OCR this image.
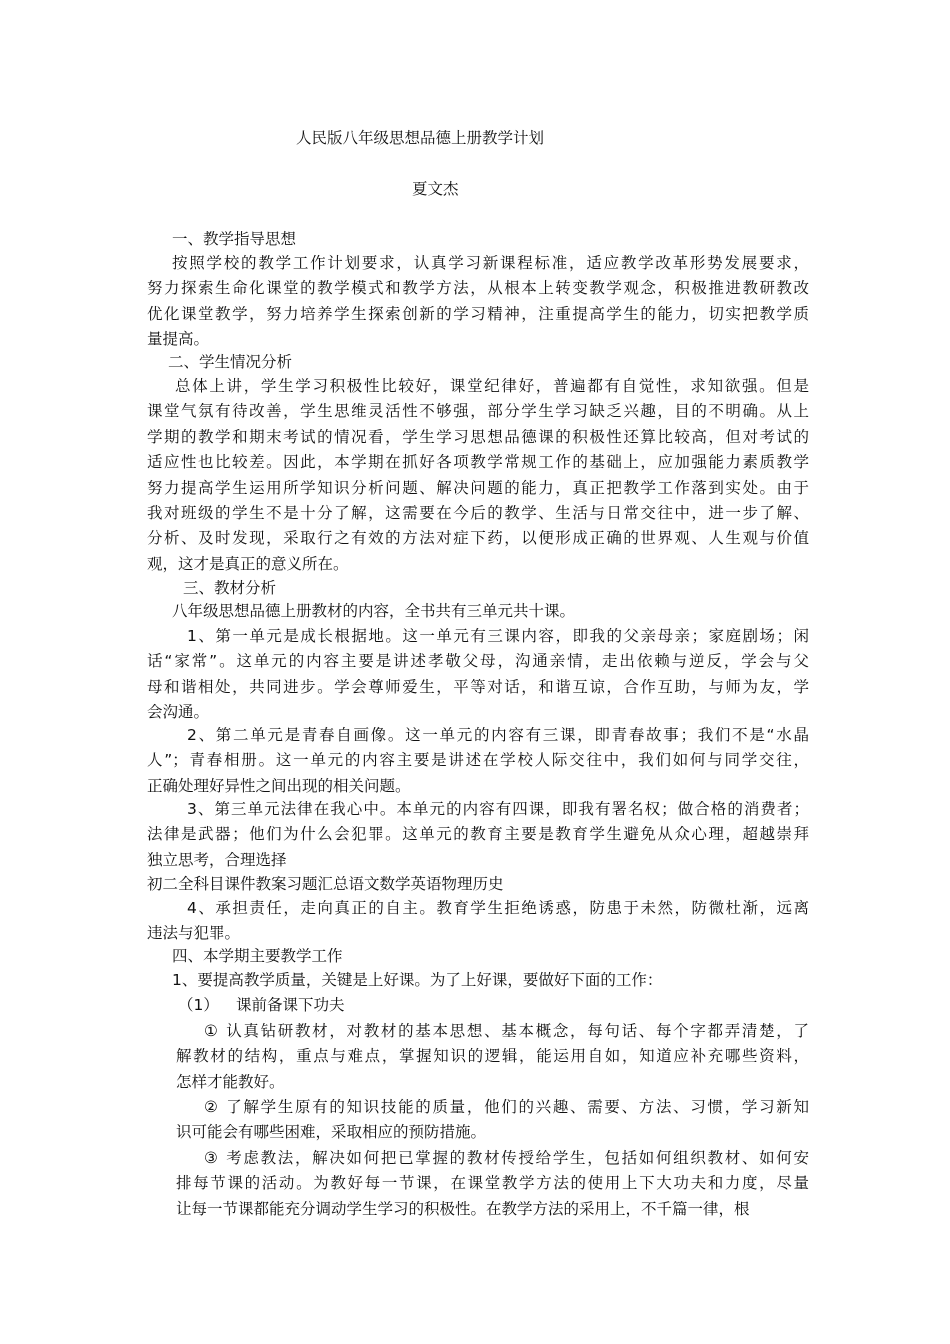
人民版八年级思想品德上册教学计划
夏文杰
一、教学指导思想
按照学校的教学工作计划要求，认真学习新课程标准，适应教学改革形势发展要求，
努力探索生命化课堂的教学模式和教学方法，从根本上转变教学观念，积极推进教研教改
优化课堂教学，努力培养学生探索创新的学习精神，注重提高学生的能力，切实把教学质
量提高。
二、学生情况分析
总体上讲，学生学习积极性比较好，课堂纪律好，普遍都有自觉性，求知欲强。但是
课堂气氛有待改善，学生思维灵活性不够强，部分学生学习缺乏兴趣，目的不明确。从上
学期的教学和期末考试的情况看，学生学习思想品德课的积极性还算比较高，但对考试的
适应性也比较差。因此，本学期在抓好各项教学常规工作的基础上，应加强能力素质教学
努力提高学生运用所学知识分析问题、解决问题的能力，真正把教学工作落到实处。由于
我对班级的学生不是十分了解，这需要在今后的教学、生活与日常交往中，进一步了解、
分析、及时发现，采取行之有效的方法对症下药，以便形成正确的世界观、人生观与价值
观，这才是真正的意义所在。
三、教材分析
八年级思想品德上册教材的内容，全书共有三单元共十课。
1、第一单元是成长根据地。这一单元有三课内容，即我的父亲母亲；家庭剧场；闲
话“家常”。这单元的内容主要是讲述孝敬父母，沟通亲情，走出依赖与逆反，学会与父
母和谐相处，共同进步。学会尊师爱生，平等对话，和谐互谅，合作互助，与师为友，学
会沟通。
2、第二单元是青春自画像。这一单元的内容有三课，即青春故事；我们不是“水晶
人”；青春相册。这一单元的内容主要是讲述在学校人际交往中，我们如何与同学交往，
正确处理好异性之间出现的相关问题。
3、第三单元法律在我心中。本单元的内容有四课，即我有署名权；做合格的消费者；
法律是武器；他们为什么会犯罪。这单元的教育主要是教育学生避免从众心理，超越崇拜
独立思考，合理选择
初二全科目课件教案习题汇总语文数学英语物理历史
4、承担责任，走向真正的自主。教育学生拒绝诱惑，防患于未然，防微杜渐，远离
违法与犯罪。
四、本学期主要教学工作
1、要提高教学质量，关键是上好课。为了上好课，要做好下面的工作：
（1） 课前备课下功夫
① 认真钻研教材，对教材的基本思想、基本概念，每句话、每个字都弄清楚，了
解教材的结构，重点与难点，掌握知识的逻辑，能运用自如，知道应补充哪些资料，
怎样才能教好。
② 了解学生原有的知识技能的质量，他们的兴趣、需要、方法、习惯，学习新知
识可能会有哪些困难，采取相应的预防措施。
③ 考虑教法，解决如何把已掌握的教材传授给学生，包括如何组织教材、如何安
排每节课的活动。为教好每一节课，在课堂教学方法的使用上下大功夫和力度，尽量
让每一节课都能充分调动学生学习的积极性。在教学方法的采用上，不千篇一律，根
